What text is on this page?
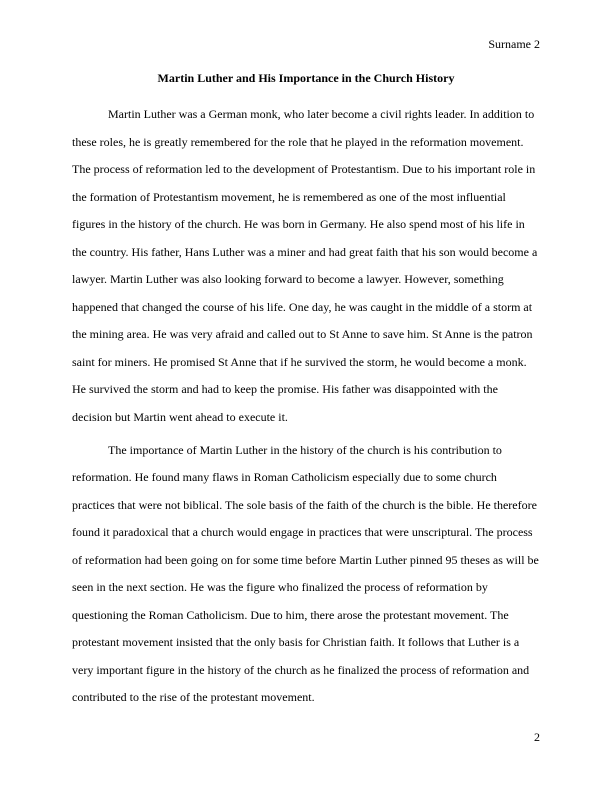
Surname 2
Martin Luther and His Importance in the Church History

Martin Luther was a German monk, who later become a civil rights leader. In addition to these roles, he is greatly remembered for the role that he played in the reformation movement. The process of reformation led to the development of Protestantism. Due to his important role in the formation of Protestantism movement, he is remembered as one of the most influential figures in the history of the church. He was born in Germany. He also spend most of his life in the country. His father, Hans Luther was a miner and had great faith that his son would become a lawyer. Martin Luther was also looking forward to become a lawyer. However, something happened that changed the course of his life. One day, he was caught in the middle of a storm at the mining area. He was very afraid and called out to St Anne to save him. St Anne is the patron saint for miners. He promised St Anne that if he survived the storm, he would become a monk. He survived the storm and had to keep the promise. His father was disappointed with the decision but Martin went ahead to execute it.

The importance of Martin Luther in the history of the church is his contribution to reformation. He found many flaws in Roman Catholicism especially due to some church practices that were not biblical. The sole basis of the faith of the church is the bible. He therefore found it paradoxical that a church would engage in practices that were unscriptural. The process of reformation had been going on for some time before Martin Luther pinned 95 theses as will be seen in the next section. He was the figure who finalized the process of reformation by questioning the Roman Catholicism. Due to him, there arose the protestant movement. The protestant movement insisted that the only basis for Christian faith. It follows that Luther is a very important figure in the history of the church as he finalized the process of reformation and contributed to the rise of the protestant movement.

2
